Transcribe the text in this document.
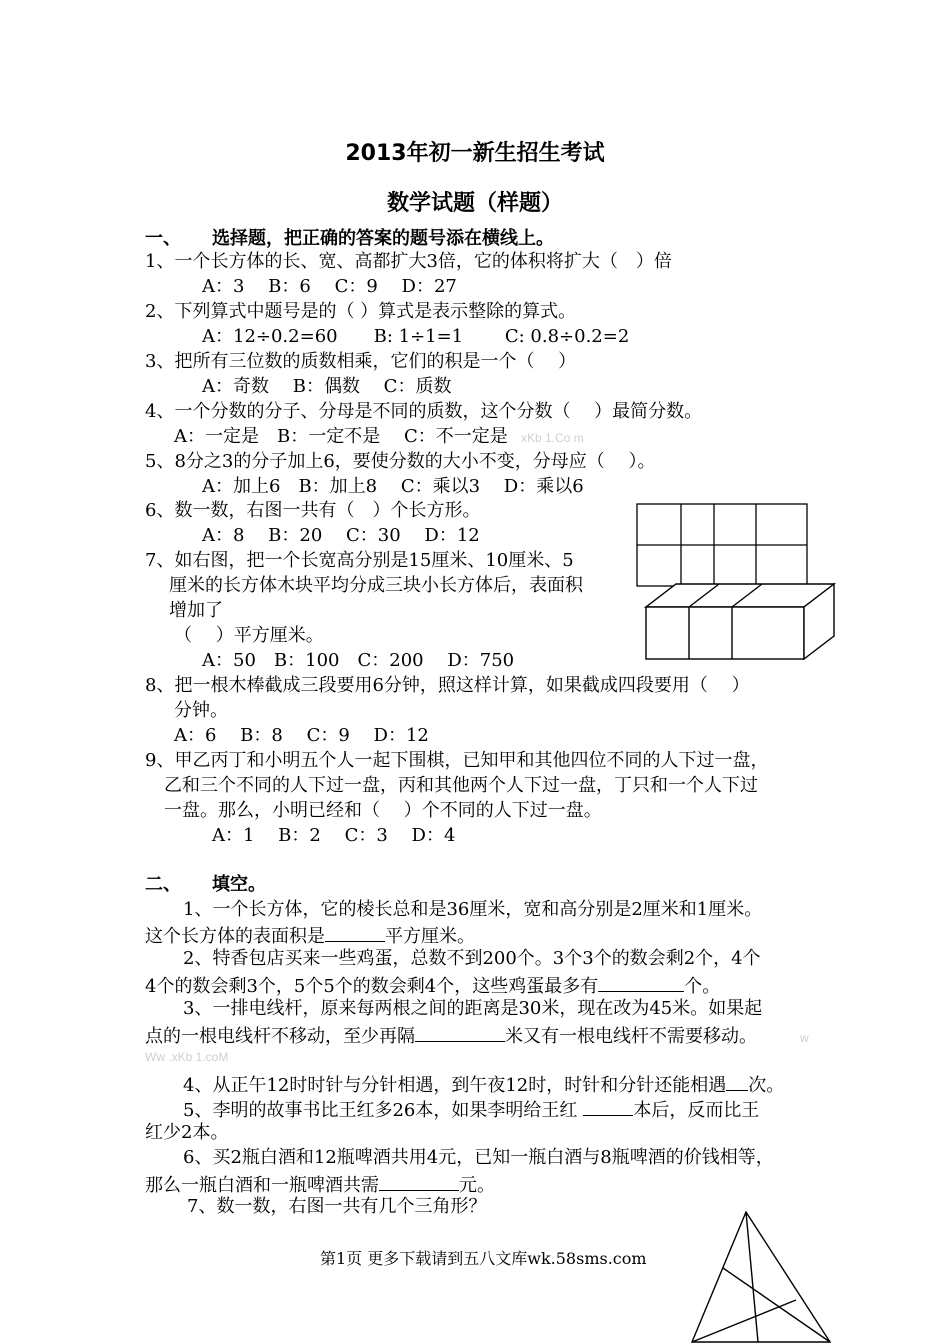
2013年初一新生招生考试
数学试题（样题）
一、 选择题，把正确的答案的题号添在横线上。
1、一个长方体的长、宽、高都扩大3倍，它的体积将扩大（　）倍
A：3　 B：6　 C：9　 D：27
2、下列算式中题号是的（ ）算式是表示整除的算式。
A：12÷0.2=60　　B: 1÷1=1　　 C: 0.8÷0.2=2
3、把所有三位数的质数相乘，它们的积是一个（　 ）
A：奇数　 B：偶数　 C：质数
4、一个分数的分子、分母是不同的质数，这个分数（　 ）最简分数。
A：一定是　B：一定不是　 C：不一定是 xKb 1.Co m
5、8分之3的分子加上6，要使分数的大小不变，分母应（　 ）。
A：加上6　B：加上8　 C：乘以3　 D：乘以6
6、数一数，右图一共有（　）个长方形。
A：8　 B：20　 C：30　 D：12
7、如右图，把一个长宽高分别是15厘米、10厘米、5
厘米的长方体木块平均分成三块小长方体后，表面积
增加了
（　 ）平方厘米。
A：50　B：100　C：200　 D：750
8、把一根木棒截成三段要用6分钟，照这样计算，如果截成四段要用（　 ）
分钟。
A：6　 B：8　 C：9　 D：12
9、甲乙丙丁和小明五个人一起下围棋，已知甲和其他四位不同的人下过一盘，
乙和三个不同的人下过一盘，丙和其他两个人下过一盘，丁只和一个人下过
一盘。那么，小明已经和（　 ）个不同的人下过一盘。
A：1　 B：2　 C：3　 D：4
二、 填空。
1、一个长方体，它的棱长总和是36厘米，宽和高分别是2厘米和1厘米。
这个长方体的表面积是	平方厘米。
2、特香包店买来一些鸡蛋，总数不到200个。3个3个的数会剩2个，4个
4个的数会剩3个，5个5个的数会剩4个，这些鸡蛋最多有	个。
3、一排电线杆，原来每两根之间的距离是30米，现在改为45米。如果起
点的一根电线杆不移动，至少再隔	米又有一根电线杆不需要移动。	w
Ww .xKb 1.coM
4、从正午12时时针与分针相遇，到午夜12时，时针和分针还能相遇 次。
5、李明的故事书比王红多26本，如果李明给王红	本后，反而比王
红少2本。
6、买2瓶白酒和12瓶啤酒共用4元，已知一瓶白酒与8瓶啤酒的价钱相等，
那么一瓶白酒和一瓶啤酒共需	元。
7、数一数，右图一共有几个三角形？
第1页 更多下载请到五八文库wk.58sms.com
